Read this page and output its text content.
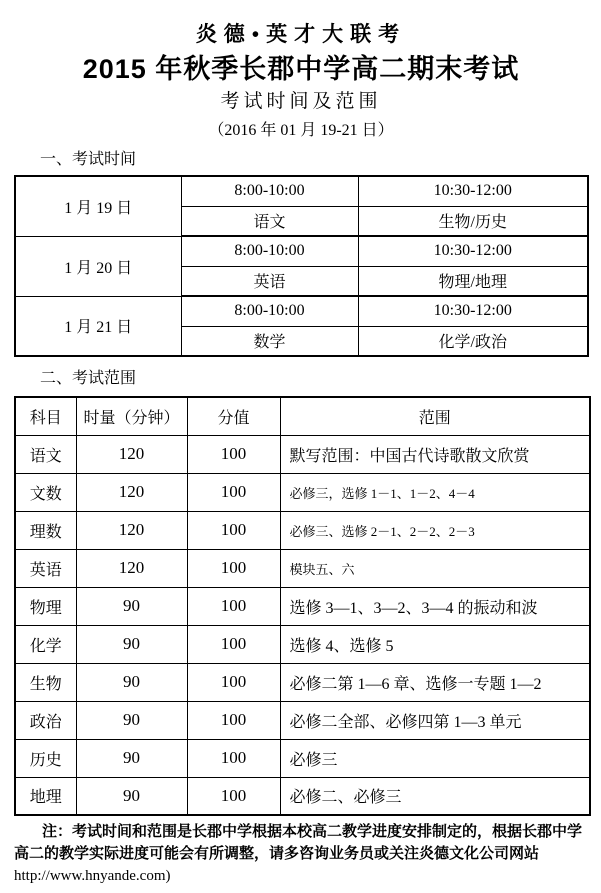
炎德•英才大联考
2015 年秋季长郡中学高二期末考试
考试时间及范围
（2016 年 01 月 19-21 日）
一、考试时间
1 月 19 日	8:00-10:00	10:30-12:00
	语文	生物/历史
1 月 20 日	8:00-10:00	10:30-12:00
	英语	物理/地理
1 月 21 日	8:00-10:00	10:30-12:00
	数学	化学/政治
二、考试范围
科目	时量（分钟）	分值	范围
语文	120	100	默写范围：中国古代诗歌散文欣赏
文数	120	100	必修三，选修 1－1、1－2、4－4
理数	120	100	必修三、选修 2－1、2－2、2－3
英语	120	100	模块五、六
物理	90	100	选修 3—1、3—2、3—4 的振动和波
化学	90	100	选修 4、选修 5
生物	90	100	必修二第 1—6 章、选修一专题 1—2
政治	90	100	必修二全部、必修四第 1—3 单元
历史	90	100	必修三
地理	90	100	必修二、必修三
注：考试时间和范围是长郡中学根据本校高二教学进度安排制定的，根据长郡中学
高二的教学实际进度可能会有所调整，请多咨询业务员或关注炎德文化公司网站
http://www.hnyande.com)
